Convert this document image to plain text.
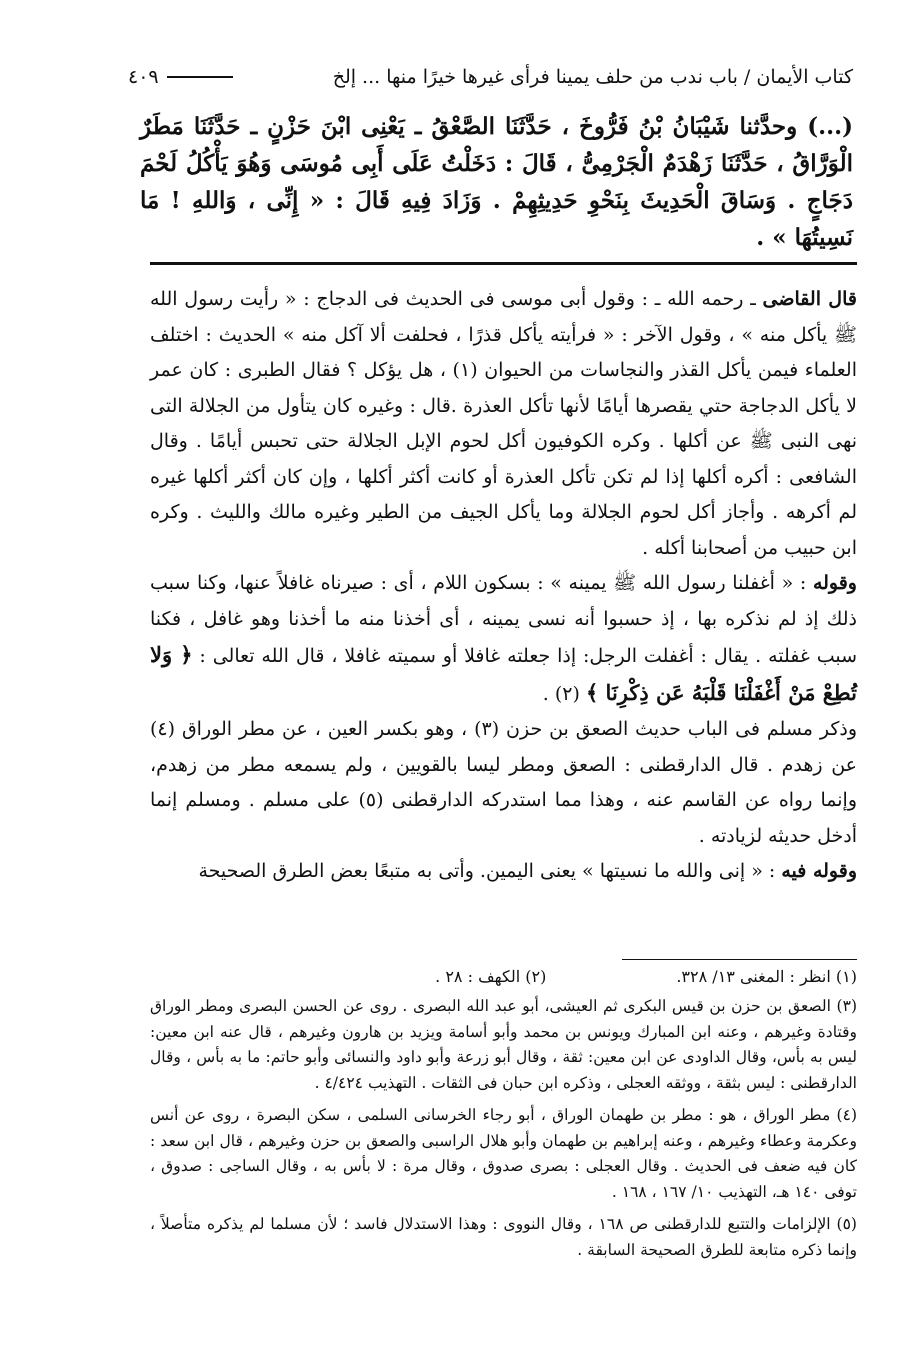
كتاب الأيمان / باب ندب من حلف يمينا فرأى غيرها خيرًا منها ... إلخ
٤٠٩
(...) وحدَّثنا شَيْبَانُ بْنُ فَرُّوخَ ، حَدَّثَنَا الصَّعْقُ ـ يَعْنِى ابْنَ حَزْنٍ ـ حَدَّثَنَا مَطَرٌ الْوَرَّاقُ ، حَدَّثَنَا زَهْدَمٌ الْجَرْمِىُّ ، قَالَ : دَخَلْتُ عَلَى أَبِى مُوسَى وَهُوَ يَأْكُلُ لَحْمَ دَجَاجٍ . وَسَاقَ الْحَدِيثَ بِنَحْوِ حَدِيثِهِمْ . وَزَادَ فِيهِ قَالَ : « إِنِّى ، وَاللهِ ! مَا نَسِيتُهَا » .

قال القاضى ـ رحمه الله ـ : وقول أبى موسى فى الحديث فى الدجاج : « رأيت رسول الله ﷺ يأكل منه » ، وقول الآخر : « فرأيته يأكل قذرًا ، فحلفت ألا آكل منه » الحديث : اختلف العلماء فيمن يأكل القذر والنجاسات من الحيوان (١) ، هل يؤكل ؟ فقال الطبرى : كان عمر لا يأكل الدجاجة حتي يقصرها أيامًا لأنها تأكل العذرة .قال : وغيره كان يتأول من الجلالة التى نهى النبى ﷺ عن أكلها . وكره الكوفيون أكل لحوم الإبل الجلالة حتى تحبس أيامًا . وقال الشافعى : أكره أكلها إذا لم تكن تأكل العذرة أو كانت أكثر أكلها ، وإن كان أكثر أكلها غيره لم أكرهه . وأجاز أكل لحوم الجلالة وما يأكل الجيف من الطير وغيره مالك والليث . وكره ابن حبيب من أصحابنا أكله .

وقوله : « أغفلنا رسول الله ﷺ يمينه » : بسكون اللام ، أى : صيرناه غافلاً عنها، وكنا سبب ذلك إذ لم نذكره بها ، إذ حسبوا أنه نسى يمينه ، أى أخذنا منه ما أخذنا وهو غافل ، فكنا سبب غفلته . يقال : أغفلت الرجل: إذا جعلته غافلا أو سميته غافلا ، قال الله تعالى : ﴿ وَلا تُطِعْ مَنْ أَغْفَلْنَا قَلْبَهُ عَن ذِكْرِنَا ﴾ (٢) .

وذكر مسلم فى الباب حديث الصعق بن حزن (٣) ، وهو بكسر العين ، عن مطر الوراق (٤) عن زهدم . قال الدارقطنى : الصعق ومطر ليسا بالقويين ، ولم يسمعه مطر من زهدم، وإنما رواه عن القاسم عنه ، وهذا مما استدركه الدارقطنى (٥) على مسلم . ومسلم إنما أدخل حديثه لزيادته .

وقوله فيه : « إنى والله ما نسيتها » يعنى اليمين. وأتى به متبعًا بعض الطرق الصحيحة

(١) انظر : المغنى ١٣/ ٣٢٨.
(٢) الكهف : ٢٨ .

(٣) الصعق بن حزن بن قيس البكرى ثم العيشى، أبو عبد الله البصرى . روى عن الحسن البصرى ومطر الوراق وقتادة وغيرهم ، وعنه ابن المبارك ويونس بن محمد وأبو أسامة ويزيد بن هارون وغيرهم ، قال عنه ابن معين: ليس به بأس، وقال الداودى عن ابن معين: ثقة ، وقال أبو زرعة وأبو داود والنسائى وأبو حاتم: ما به بأس ، وقال الدارقطنى : ليس بثقة ، ووثقه العجلى ، وذكره ابن حبان فى الثقات . التهذيب ٤/٤٢٤ .

(٤) مطر الوراق ، هو : مطر بن طهمان الوراق ، أبو رجاء الخرسانى السلمى ، سكن البصرة ، روى عن أنس وعكرمة وعطاء وغيرهم ، وعنه إبراهيم بن طهمان وأبو هلال الراسبى والصعق بن حزن وغيرهم ، قال ابن سعد : كان فيه ضعف فى الحديث . وقال العجلى : بصرى صدوق ، وقال مرة : لا بأس به ، وقال الساجى : صدوق ، توفى ١٤٠ هـ، التهذيب ١٠/ ١٦٧ ، ١٦٨ .

(٥) الإلزامات والتتبع للدارقطنى ص ١٦٨ ، وقال النووى : وهذا الاستدلال فاسد ؛ لأن مسلما لم يذكره متأصلاً ، وإنما ذكره متابعة للطرق الصحيحة السابقة .
